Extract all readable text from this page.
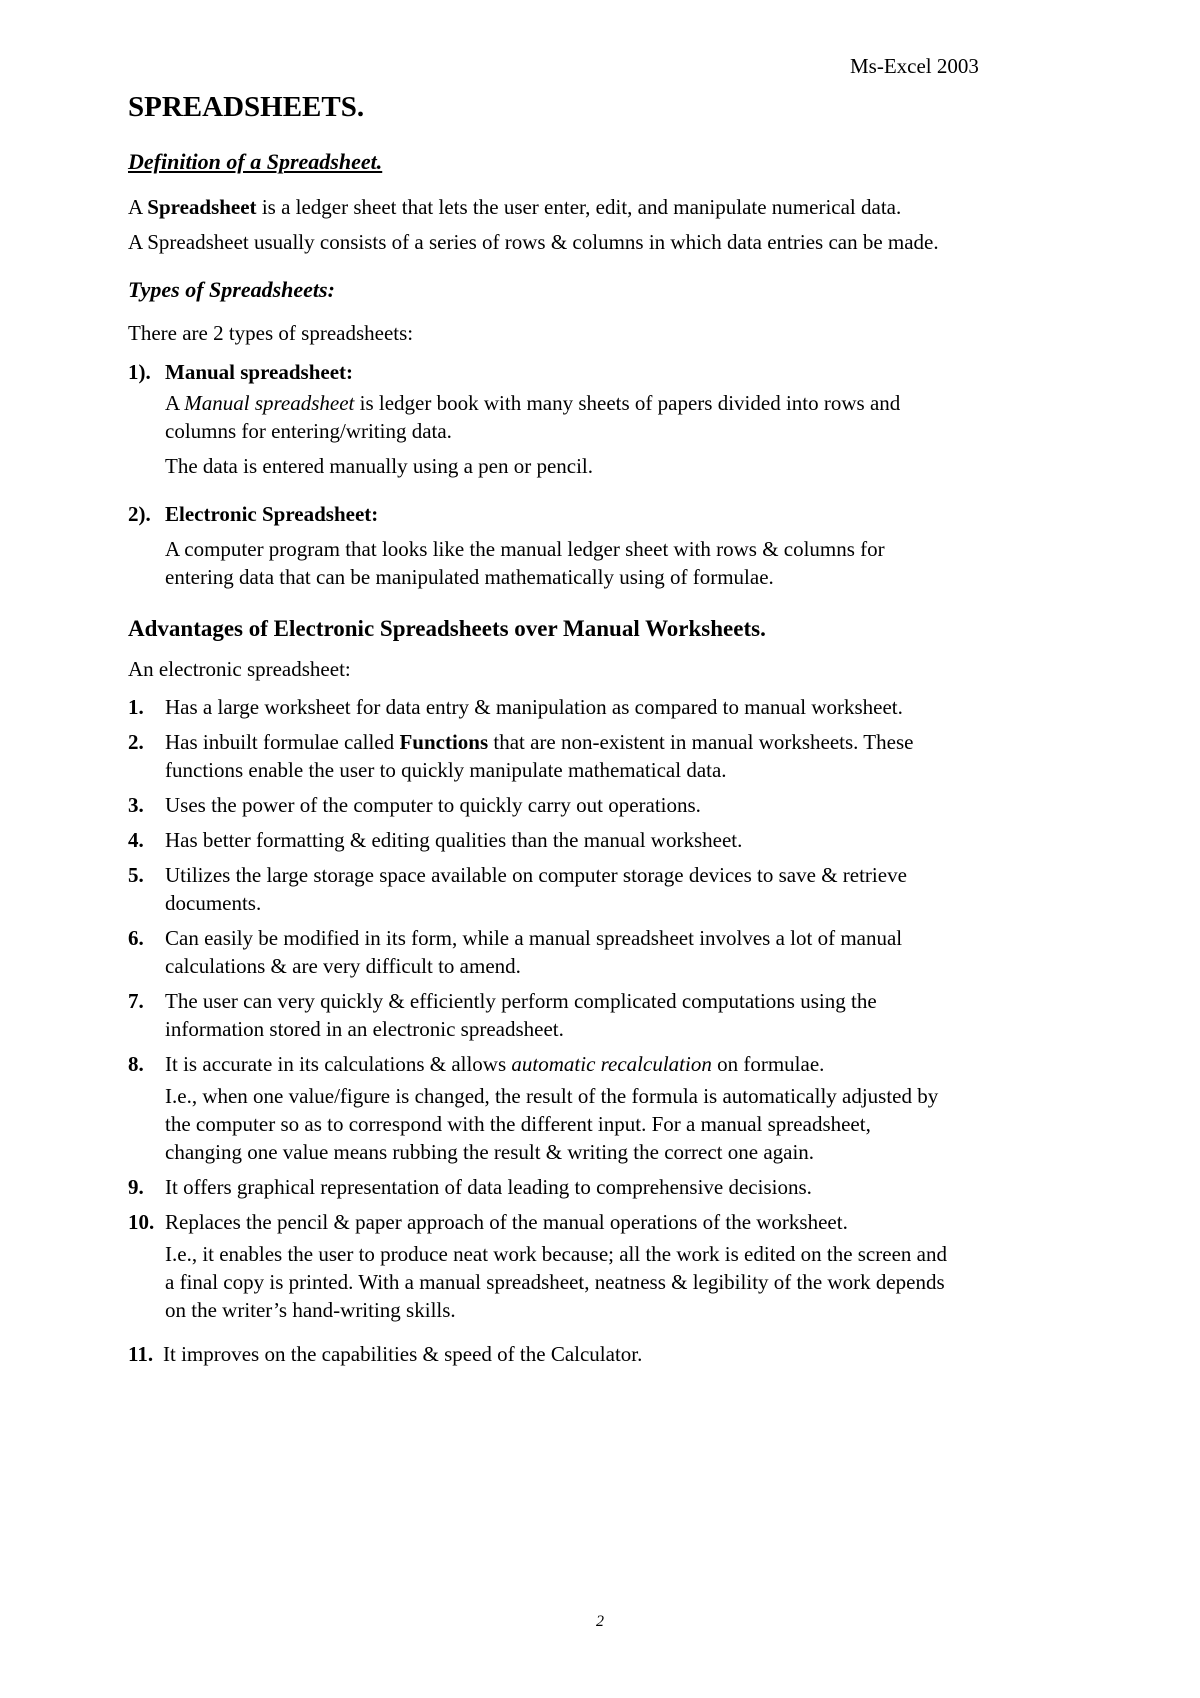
Ms-Excel 2003
SPREADSHEETS.
Definition of a Spreadsheet.
A Spreadsheet is a ledger sheet that lets the user enter, edit, and manipulate numerical data.
A Spreadsheet usually consists of a series of rows & columns in which data entries can be made.
Types of Spreadsheets:
There are 2 types of spreadsheets:
1). Manual spreadsheet:
A Manual spreadsheet is ledger book with many sheets of papers divided into rows and
columns for entering/writing data.
The data is entered manually using a pen or pencil.
2). Electronic Spreadsheet:
A computer program that looks like the manual ledger sheet with rows & columns for
entering data that can be manipulated mathematically using of formulae.
Advantages of Electronic Spreadsheets over Manual Worksheets.
An electronic spreadsheet:
1. Has a large worksheet for data entry & manipulation as compared to manual worksheet.
2. Has inbuilt formulae called Functions that are non-existent in manual worksheets. These
functions enable the user to quickly manipulate mathematical data.
3. Uses the power of the computer to quickly carry out operations.
4. Has better formatting & editing qualities than the manual worksheet.
5. Utilizes the large storage space available on computer storage devices to save & retrieve
documents.
6. Can easily be modified in its form, while a manual spreadsheet involves a lot of manual
calculations & are very difficult to amend.
7. The user can very quickly & efficiently perform complicated computations using the
information stored in an electronic spreadsheet.
8. It is accurate in its calculations & allows automatic recalculation on formulae.
I.e., when one value/figure is changed, the result of the formula is automatically adjusted by
the computer so as to correspond with the different input. For a manual spreadsheet,
changing one value means rubbing the result & writing the correct one again.
9. It offers graphical representation of data leading to comprehensive decisions.
10. Replaces the pencil & paper approach of the manual operations of the worksheet.
I.e., it enables the user to produce neat work because; all the work is edited on the screen and
a final copy is printed. With a manual spreadsheet, neatness & legibility of the work depends
on the writer’s hand-writing skills.
11. It improves on the capabilities & speed of the Calculator.
2
